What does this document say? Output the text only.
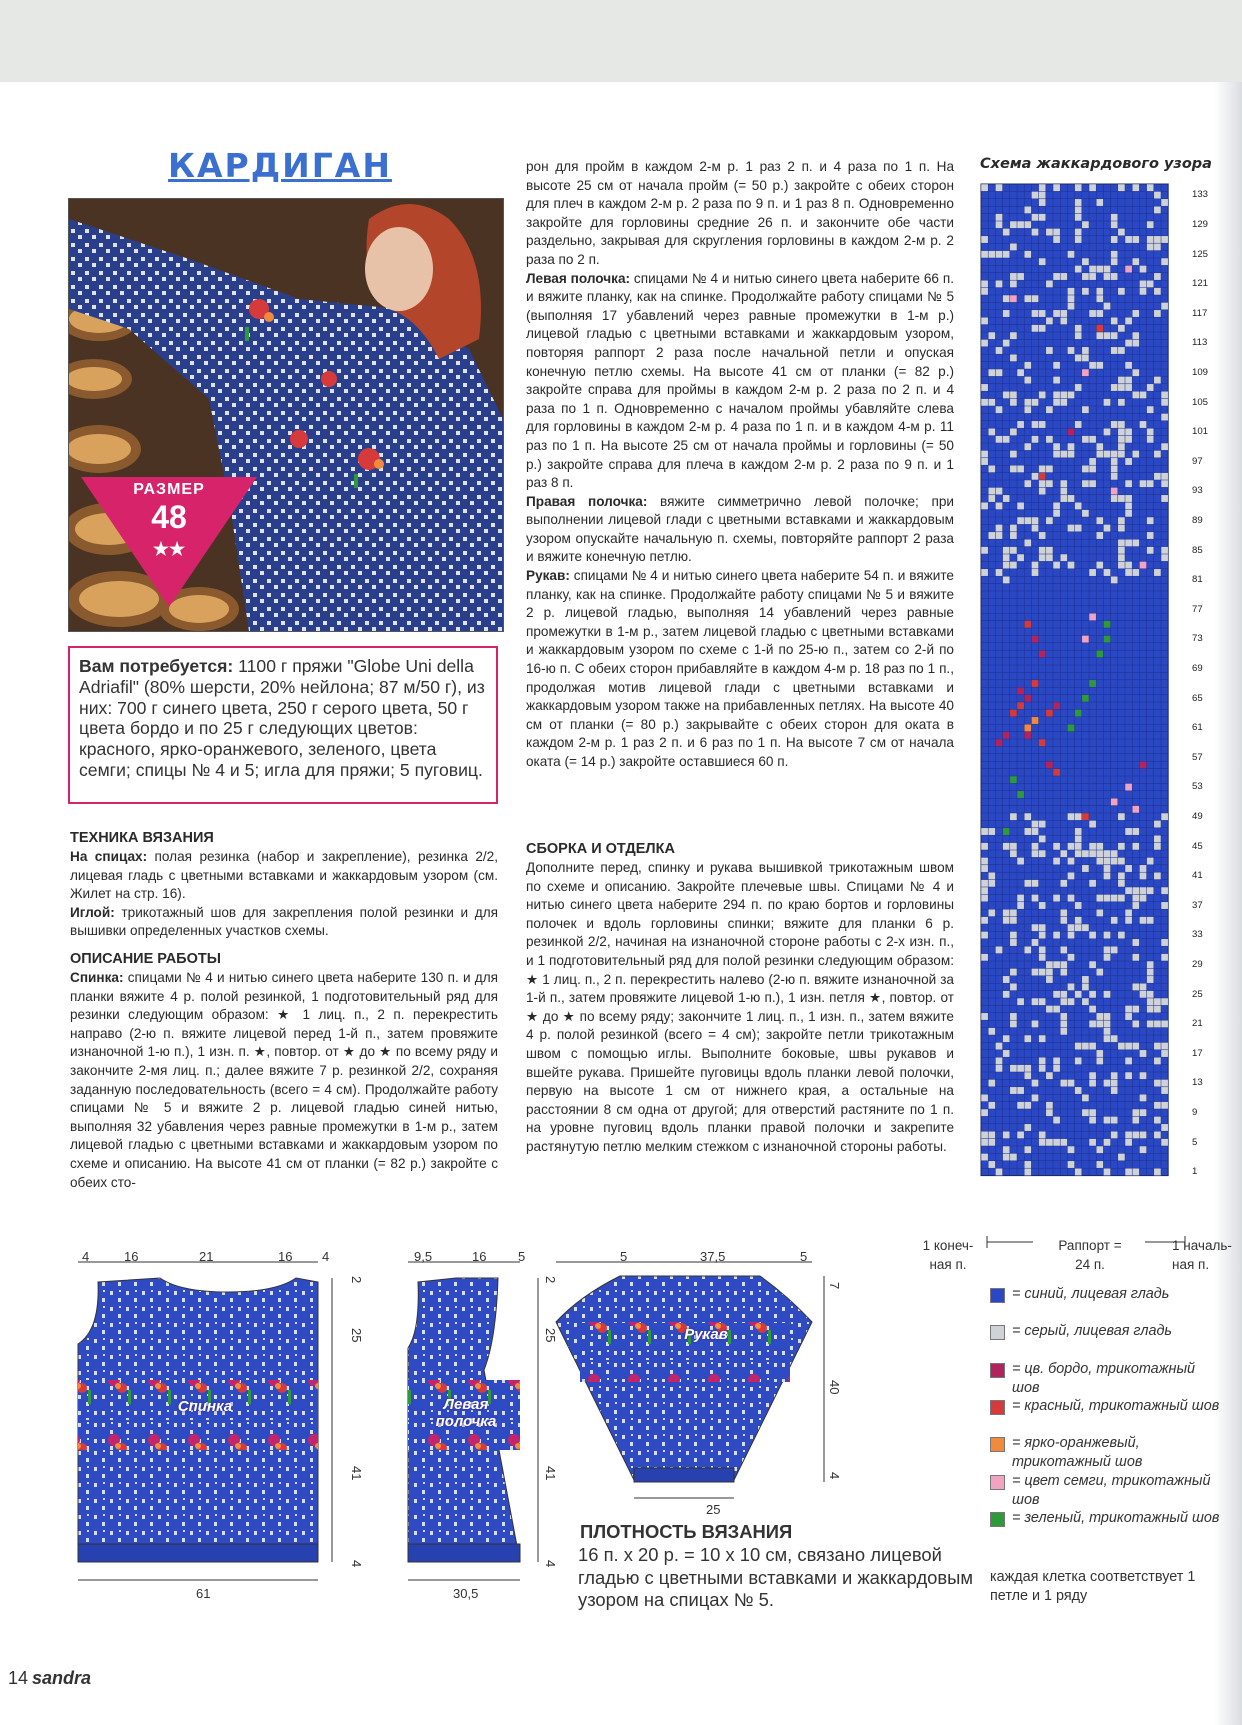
КАРДИГАН
РАЗМЕР
48
★★
Вам потребуется: 1100 г пряжи "Globe Uni della Adriafil" (80% шерсти, 20% нейлона; 87 м/50 г), из них: 700 г синего цвета, 250 г серого цвета, 50 г цвета бордо и по 25 г следующих цветов: красного, ярко-оранжевого, зеленого, цвета семги; спицы № 4 и 5; игла для пряжи; 5 пуговиц.
ТЕХНИКА ВЯЗАНИЯ

На спицах: полая резинка (набор и закрепление), резинка 2/2, лицевая гладь с цветными вставками и жаккардовым узором (см. Жилет на стр. 16).

Иглой: трикотажный шов для закрепления полой резинки и для вышивки определенных участков схемы.

ОПИСАНИЕ РАБОТЫ

Спинка: спицами № 4 и нитью синего цвета наберите 130 п. и для планки вяжите 4 р. полой резинкой, 1 подготовительный ряд для резинки следующим образом: ★ 1 лиц. п., 2 п. перекрестить направо (2-ю п. вяжите лицевой перед 1-й п., затем провяжите изнаночной 1-ю п.), 1 изн. п. ★, повтор. от ★ до ★ по всему ряду и закончите 2-мя лиц. п.; далее вяжите 7 р. резинкой 2/2, сохраняя заданную последовательность (всего = 4 см). Продолжайте работу спицами № 5 и вяжите 2 р. лицевой гладью синей нитью, выполняя 32 убавления через равные промежутки в 1-м р., затем лицевой гладью с цветными вставками и жаккардовым узором по схеме и описанию. На высоте 41 см от планки (= 82 р.) закройте с обеих сто-

рон для пройм в каждом 2-м р. 1 раз 2 п. и 4 раза по 1 п. На высоте 25 см от начала пройм (= 50 р.) закройте с обеих сторон для плеч в каждом 2-м р. 2 раза по 9 п. и 1 раз 8 п. Одновременно закройте для горловины средние 26 п. и закончите обе части раздельно, закрывая для скругления горловины в каждом 2-м р. 2 раза по 2 п.

Левая полочка: спицами № 4 и нитью синего цвета наберите 66 п. и вяжите планку, как на спинке. Продолжайте работу спицами № 5 (выполняя 17 убавлений через равные промежутки в 1-м р.) лицевой гладью с цветными вставками и жаккардовым узором, повторяя раппорт 2 раза после начальной петли и опуская конечную петлю схемы. На высоте 41 см от планки (= 82 р.) закройте справа для проймы в каждом 2-м р. 2 раза по 2 п. и 4 раза по 1 п. Одновременно с началом проймы убавляйте слева для горловины в каждом 2-м р. 4 раза по 1 п. и в каждом 4-м р. 11 раз по 1 п. На высоте 25 см от начала проймы и горловины (= 50 р.) закройте справа для плеча в каждом 2-м р. 2 раза по 9 п. и 1 раз 8 п.

Правая полочка: вяжите симметрично левой полочке; при выполнении лицевой глади с цветными вставками и жаккардовым узором опускайте начальную п. схемы, повторяйте раппорт 2 раза и вяжите конечную петлю.

Рукав: спицами № 4 и нитью синего цвета наберите 54 п. и вяжите планку, как на спинке. Продолжайте работу спицами № 5 и вяжите 2 р. лицевой гладью, выполняя 14 убавлений через равные промежутки в 1-м р., затем лицевой гладью с цветными вставками и жаккардовым узором по схеме с 1-й по 25-ю п., затем со 2-й по 16-ю п. С обеих сторон прибавляйте в каждом 4-м р. 18 раз по 1 п., продолжая мотив лицевой глади с цветными вставками и жаккардовым узором также на прибавленных петлях. На высоте 40 см от планки (= 80 р.) закрывайте с обеих сторон для оката в каждом 2-м р. 1 раз 2 п. и 6 раз по 1 п. На высоте 7 см от начала оката (= 14 р.) закройте оставшиеся 60 п.

СБОРКА И ОТДЕЛКА

Дополните перед, спинку и рукава вышивкой трикотажным швом по схеме и описанию. Закройте плечевые швы. Спицами № 4 и нитью синего цвета наберите 294 п. по краю бортов и горловины полочек и вдоль горловины спинки; вяжите для планки 6 р. резинкой 2/2, начиная на изнаночной стороне работы с 2-х изн. п., и 1 подготовительный ряд для полой резинки следующим образом: ★ 1 лиц. п., 2 п. перекрестить налево (2-ю п. вяжите изнаночной за 1-й п., затем провяжите лицевой 1-ю п.), 1 изн. петля ★, повтор. от ★ до ★ по всему ряду; закончите 1 лиц. п., 1 изн. п., затем вяжите 4 р. полой резинкой (всего = 4 см); закройте петли трикотажным швом с помощью иглы. Выполните боковые, швы рукавов и вшейте рукава. Пришейте пуговицы вдоль планки левой полочки, первую на высоте 1 см от нижнего края, а остальные на расстоянии 8 см одна от другой; для отверстий растяните по 1 п. на уровне пуговиц вдоль планки правой полочки и закрепите растянутую петлю мелким стежком с изнаночной стороны работы.

Схема жаккардового узора
133
129
125
121
117
113
109
105
101
97
93
89
85
81
77
73
69
65
61
57
53
49
45
41
37
33
29
25
21
17
13
9
5
1
1 конеч-
ная п.
Раппорт =
24 п.
1 началь-
ная п.
= синий, лицевая гладь
= серый, лицевая гладь
= цв. бордо, трикотажный шов
= красный, трикотажный шов
= ярко-оранжевый, трикотажный шов
= цвет семги, трикотажный шов
= зеленый, трикотажный шов
каждая клетка соответствует 1 петле и 1 ряду
4	16	21	16 4
2
25
41
4
61
Спинка
9,5	16 5
2
25
41
4
30,5
Левая полочка
5	37,5	5
7
40
4
25
Рукав
ПЛОТНОСТЬ ВЯЗАНИЯ
16 п. х 20 р. = 10 х 10 см, связано лицевой гладью с цветными вставками и жаккардовым узором на спицах № 5.
14 sandra
